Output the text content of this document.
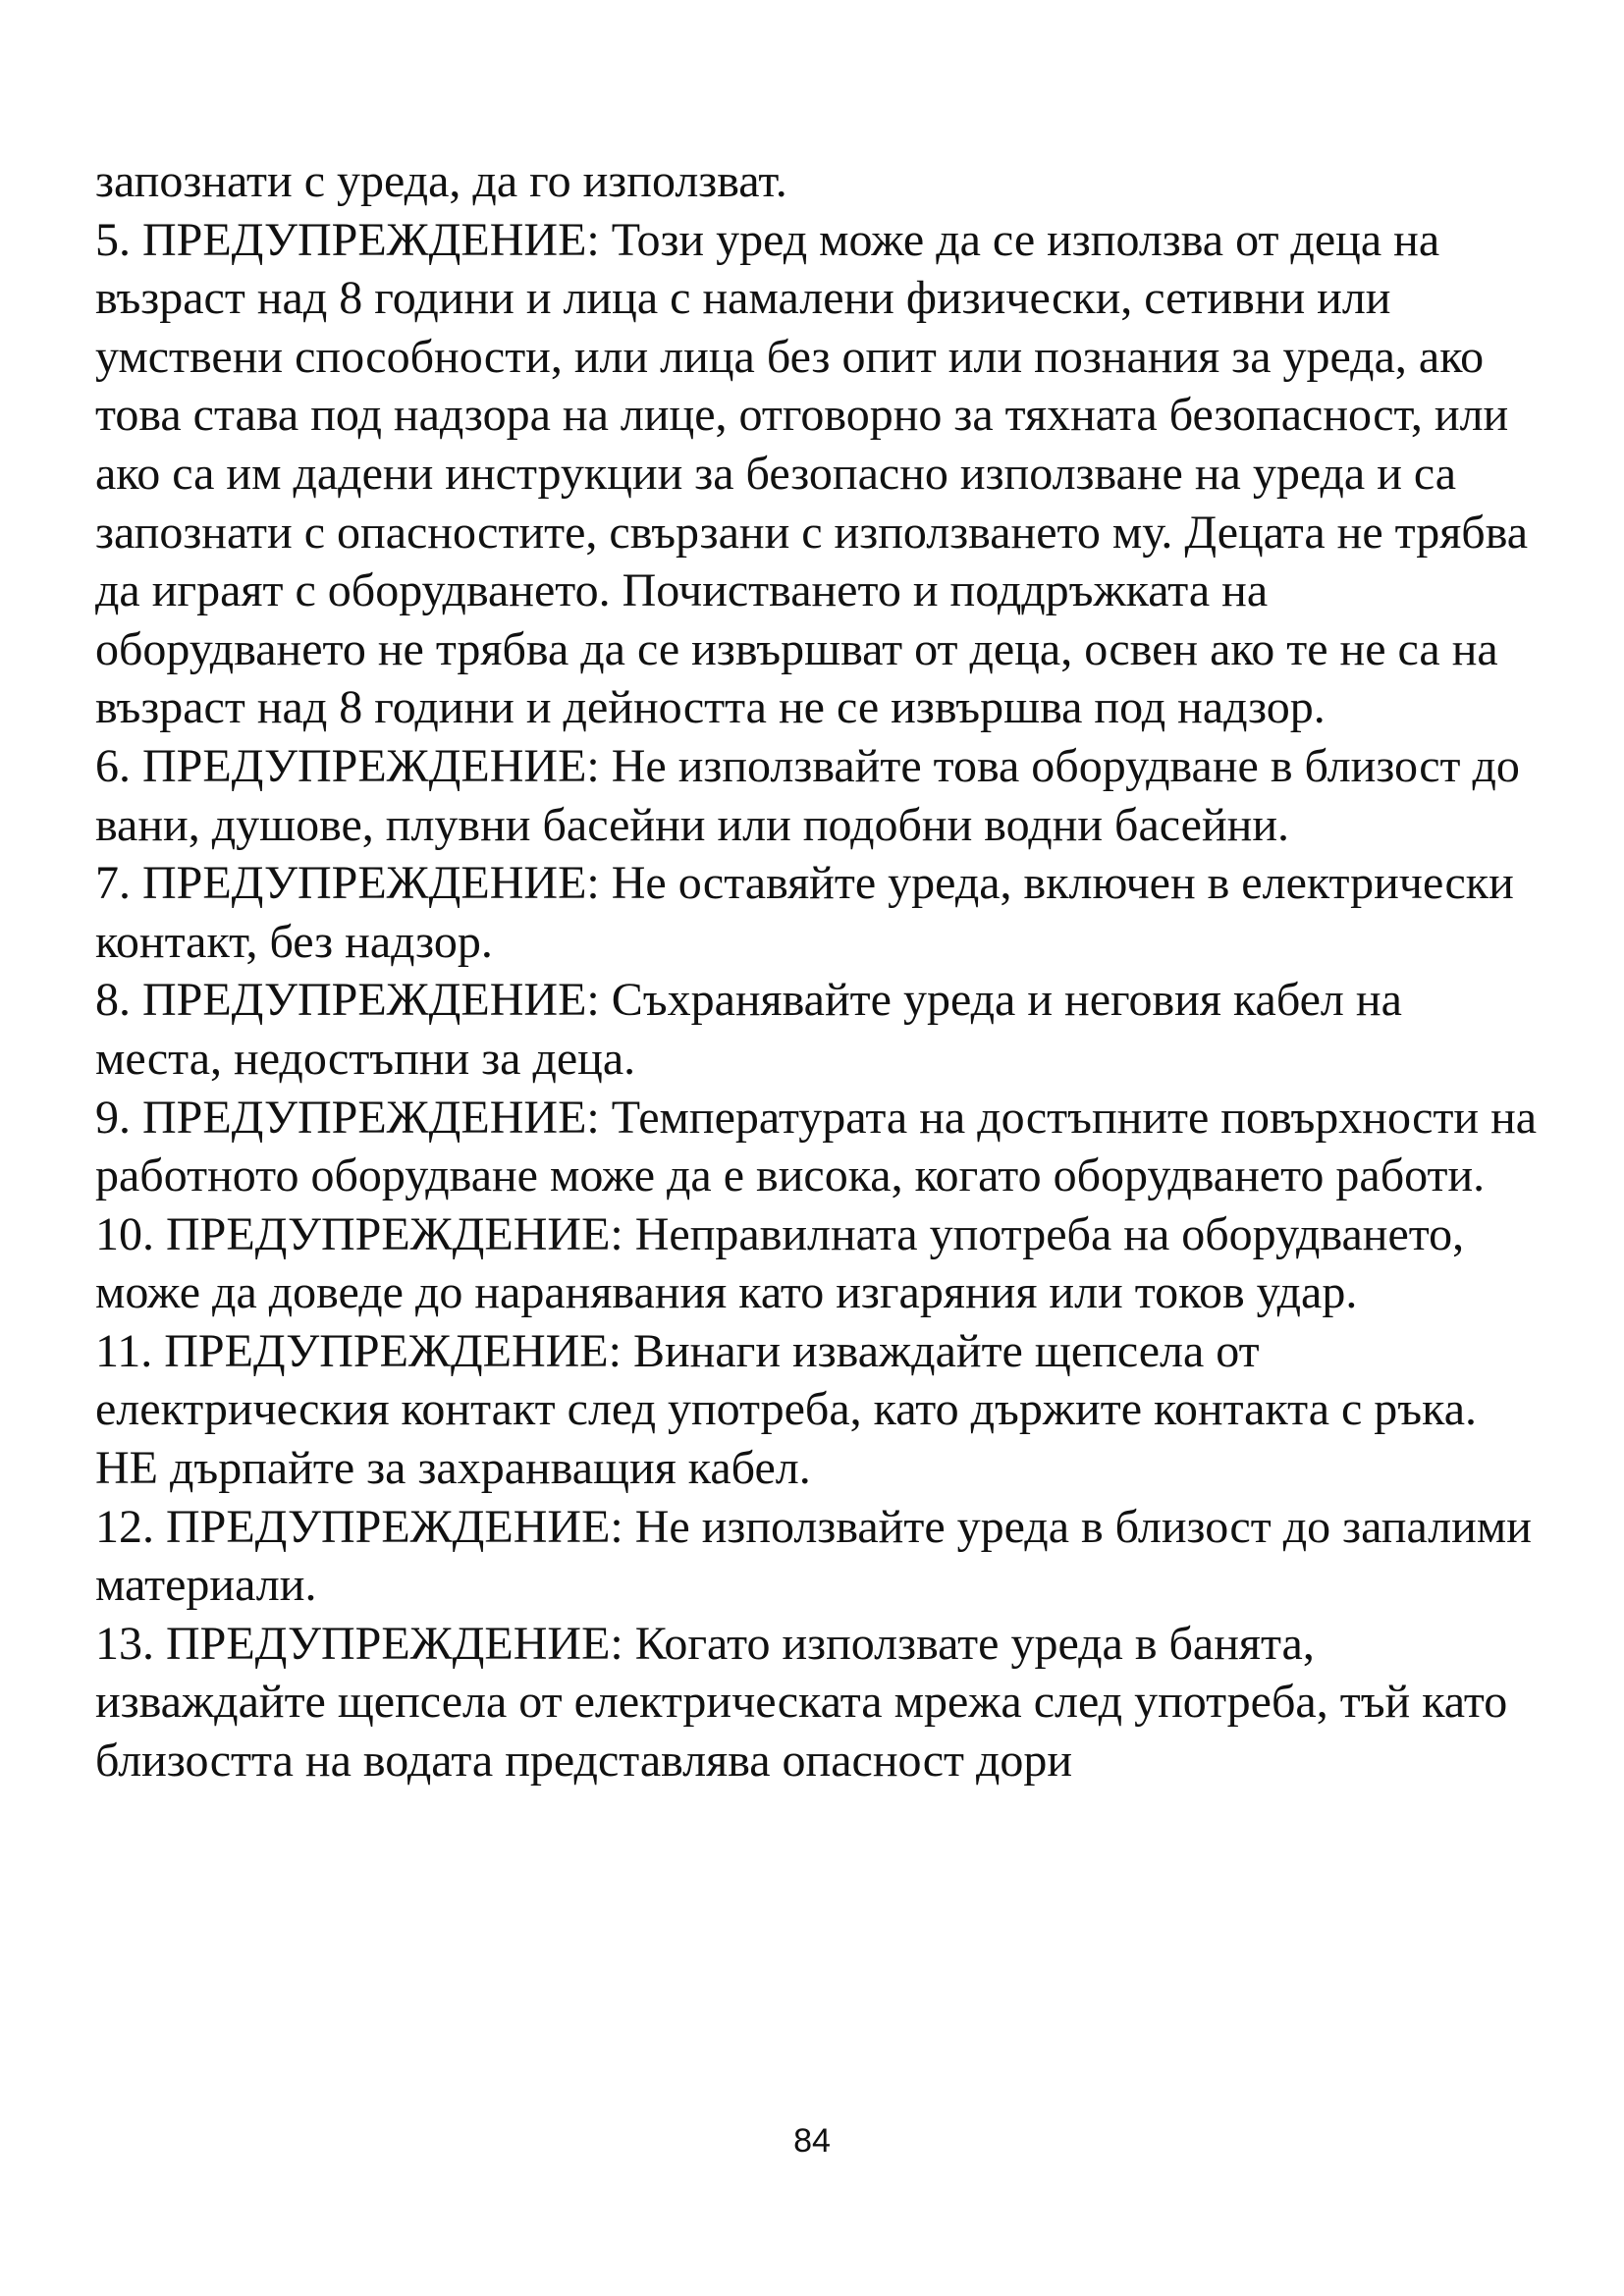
запознати с уреда, да го използват.

5. ПРЕДУПРЕЖДЕНИЕ: Този уред може да се използва от деца на възраст над 8 години и лица с намалени физически, сетивни или умствени способности, или лица без опит или познания за уреда, ако това става под надзора на лице, отговорно за тяхната безопасност, или ако са им дадени инструкции за безопасно използване на уреда и са запознати с опасностите, свързани с използването му. Децата не трябва да играят с оборудването. Почистването и поддръжката на оборудването не трябва да се извършват от деца, освен ако те не са на възраст над 8 години и дейността не се извършва под надзор.

6. ПРЕДУПРЕЖДЕНИЕ: Не използвайте това оборудване в близост до вани, душове, плувни басейни или подобни водни басейни.

7. ПРЕДУПРЕЖДЕНИЕ: Не оставяйте уреда, включен в електрически контакт, без надзор.

8. ПРЕДУПРЕЖДЕНИЕ: Съхранявайте уреда и неговия кабел на места, недостъпни за деца.

9. ПРЕДУПРЕЖДЕНИЕ: Температурата на достъпните повърхности на работното оборудване може да е висока, когато оборудването работи.

10. ПРЕДУПРЕЖДЕНИЕ: Неправилната употреба на оборудването, може да доведе до наранявания като изгаряния или токов удар.

11. ПРЕДУПРЕЖДЕНИЕ: Винаги изваждайте щепсела от електрическия контакт след употреба, като държите контакта с ръка. НЕ дърпайте за захранващия кабел.

12. ПРЕДУПРЕЖДЕНИЕ: Не използвайте уреда в близост до запалими материали.

13. ПРЕДУПРЕЖДЕНИЕ: Когато използвате уреда в банята, изваждайте щепсела от електрическата мрежа след употреба, тъй като близостта на водата представлява опасност дори

84
